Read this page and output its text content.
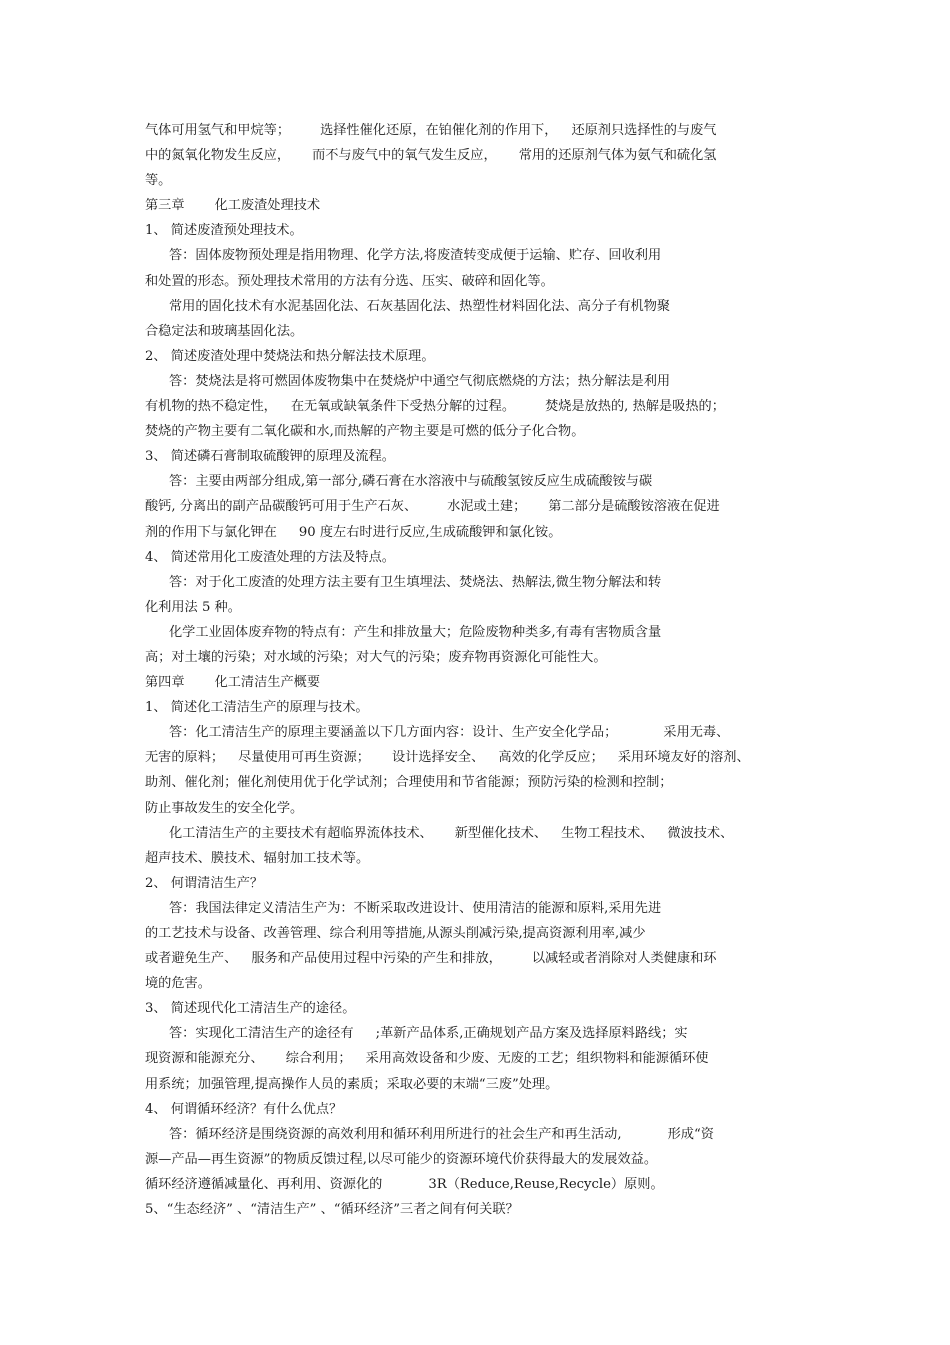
气体可用氢气和甲烷等； 选择性催化还原，在铂催化剂的作用下， 还原剂只选择性的与废气
中的氮氧化物发生反应， 而不与废气中的氧气发生反应， 常用的还原剂气体为氨气和硫化氢
等。
第三章 化工废渣处理技术
1、 简述废渣预处理技术。
答：固体废物预处理是指用物理、化学方法,将废渣转变成便于运输、贮存、回收利用
和处置的形态。预处理技术常用的方法有分选、压实、破碎和固化等。
常用的固化技术有水泥基固化法、石灰基固化法、热塑性材料固化法、高分子有机物聚
合稳定法和玻璃基固化法。
2、 简述废渣处理中焚烧法和热分解法技术原理。
答：焚烧法是将可燃固体废物集中在焚烧炉中通空气彻底燃烧的方法；热分解法是利用
有机物的热不稳定性， 在无氧或缺氧条件下受热分解的过程。 焚烧是放热的, 热解是吸热的；
焚烧的产物主要有二氧化碳和水,而热解的产物主要是可燃的低分子化合物。
3、 简述磷石膏制取硫酸钾的原理及流程。
答：主要由两部分组成,第一部分,磷石膏在水溶液中与硫酸氢铵反应生成硫酸铵与碳
酸钙, 分离出的副产品碳酸钙可用于生产石灰、 水泥或土建； 第二部分是硫酸铵溶液在促进
剂的作用下与氯化钾在 90 度左右时进行反应,生成硫酸钾和氯化铵。
4、 简述常用化工废渣处理的方法及特点。
答：对于化工废渣的处理方法主要有卫生填埋法、焚烧法、热解法,微生物分解法和转
化利用法 5 种。
化学工业固体废弃物的特点有：产生和排放量大；危险废物种类多,有毒有害物质含量
高；对土壤的污染；对水域的污染；对大气的污染；废弃物再资源化可能性大。
第四章 化工清洁生产概要
1、 简述化工清洁生产的原理与技术。
答：化工清洁生产的原理主要涵盖以下几方面内容：设计、生产安全化学品；	采用无毒、
无害的原料； 尽量使用可再生资源； 设计选择安全、 高效的化学反应； 采用环境友好的溶剂、
助剂、催化剂；催化剂使用优于化学试剂；合理使用和节省能源；预防污染的检测和控制；
防止事故发生的安全化学。
化工清洁生产的主要技术有超临界流体技术、 新型催化技术、 生物工程技术、 微波技术、
超声技术、膜技术、辐射加工技术等。
2、 何谓清洁生产？
答：我国法律定义清洁生产为：不断采取改进设计、使用清洁的能源和原料,采用先进
的工艺技术与设备、改善管理、综合利用等措施,从源头削减污染,提高资源利用率,减少
或者避免生产、 服务和产品使用过程中污染的产生和排放， 以减轻或者消除对人类健康和环
境的危害。
3、 简述现代化工清洁生产的途径。
答：实现化工清洁生产的途径有 ;革新产品体系,正确规划产品方案及选择原料路线；实
现资源和能源充分、 综合利用； 采用高效设备和少废、无废的工艺；组织物料和能源循环使
用系统；加强管理,提高操作人员的素质；采取必要的末端“三废”处理。
4、 何谓循环经济？有什么优点？
答：循环经济是围绕资源的高效利用和循环利用所进行的社会生产和再生活动,	形成“资
源—产品—再生资源”的物质反馈过程,以尽可能少的资源环境代价获得最大的发展效益。
循环经济遵循减量化、再利用、资源化的	3R（Reduce,Reuse,Recycle）原则。
5、“生态经济” 、“清洁生产” 、“循环经济”三者之间有何关联？
